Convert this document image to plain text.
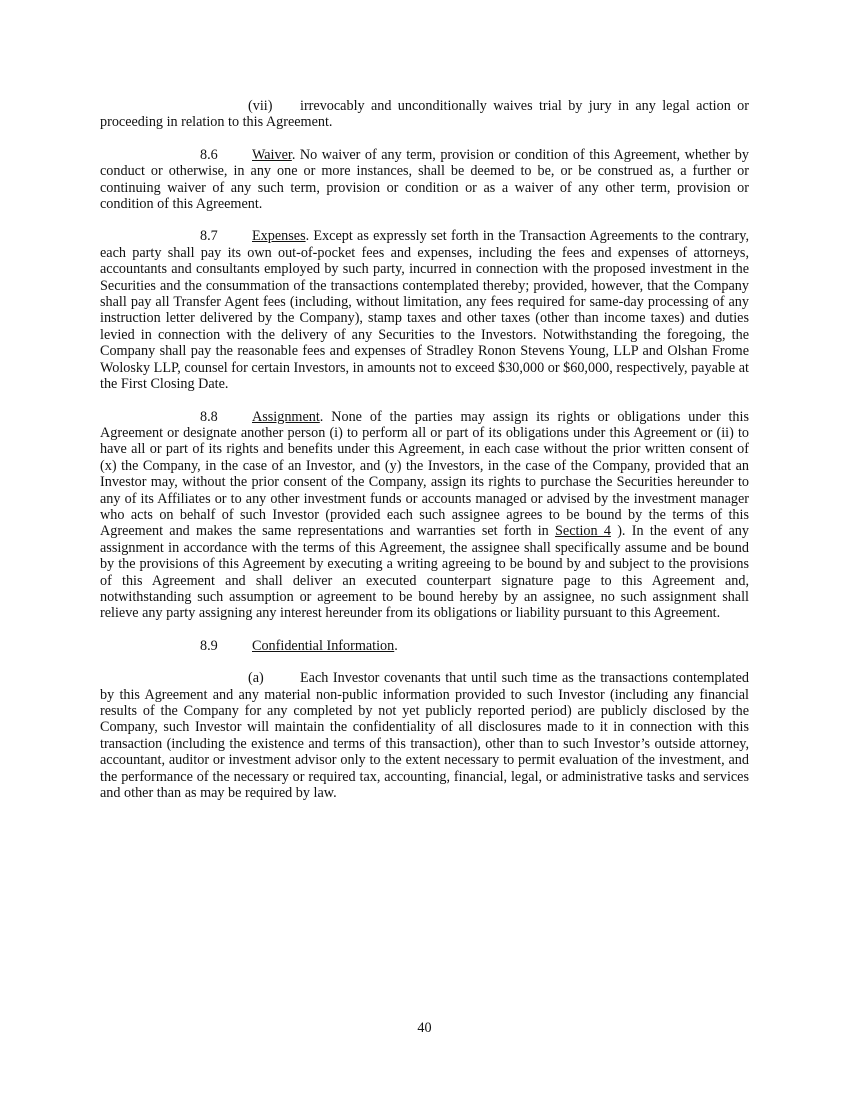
(vii) irrevocably and unconditionally waives trial by jury in any legal action or proceeding in relation to this Agreement.

8.6 Waiver. No waiver of any term, provision or condition of this Agreement, whether by conduct or otherwise, in any one or more instances, shall be deemed to be, or be construed as, a further or continuing waiver of any such term, provision or condition or as a waiver of any other term, provision or condition of this Agreement.

8.7 Expenses. Except as expressly set forth in the Transaction Agreements to the contrary, each party shall pay its own out-of-pocket fees and expenses, including the fees and expenses of attorneys, accountants and consultants employed by such party, incurred in connection with the proposed investment in the Securities and the consummation of the transactions contemplated thereby; provided, however, that the Company shall pay all Transfer Agent fees (including, without limitation, any fees required for same-day processing of any instruction letter delivered by the Company), stamp taxes and other taxes (other than income taxes) and duties levied in connection with the delivery of any Securities to the Investors. Notwithstanding the foregoing, the Company shall pay the reasonable fees and expenses of Stradley Ronon Stevens Young, LLP and Olshan Frome Wolosky LLP, counsel for certain Investors, in amounts not to exceed $30,000 or $60,000, respectively, payable at the First Closing Date.

8.8 Assignment. None of the parties may assign its rights or obligations under this Agreement or designate another person (i) to perform all or part of its obligations under this Agreement or (ii) to have all or part of its rights and benefits under this Agreement, in each case without the prior written consent of (x) the Company, in the case of an Investor, and (y) the Investors, in the case of the Company, provided that an Investor may, without the prior consent of the Company, assign its rights to purchase the Securities hereunder to any of its Affiliates or to any other investment funds or accounts managed or advised by the investment manager who acts on behalf of such Investor (provided each such assignee agrees to be bound by the terms of this Agreement and makes the same representations and warranties set forth in Section 4 ). In the event of any assignment in accordance with the terms of this Agreement, the assignee shall specifically assume and be bound by the provisions of this Agreement by executing a writing agreeing to be bound by and subject to the provisions of this Agreement and shall deliver an executed counterpart signature page to this Agreement and, notwithstanding such assumption or agreement to be bound hereby by an assignee, no such assignment shall relieve any party assigning any interest hereunder from its obligations or liability pursuant to this Agreement.

8.9 Confidential Information.

(a)	Each Investor covenants that until such time as the transactions contemplated by this Agreement and any material non-public information provided to such Investor (including any financial results of the Company for any completed by not yet publicly reported period) are publicly disclosed by the Company, such Investor will maintain the confidentiality of all disclosures made to it in connection with this transaction (including the existence and terms of this transaction), other than to such Investor’s outside attorney, accountant, auditor or investment advisor only to the extent necessary to permit evaluation of the investment, and the performance of the necessary or required tax, accounting, financial, legal, or administrative tasks and services and other than as may be required by law.

40
